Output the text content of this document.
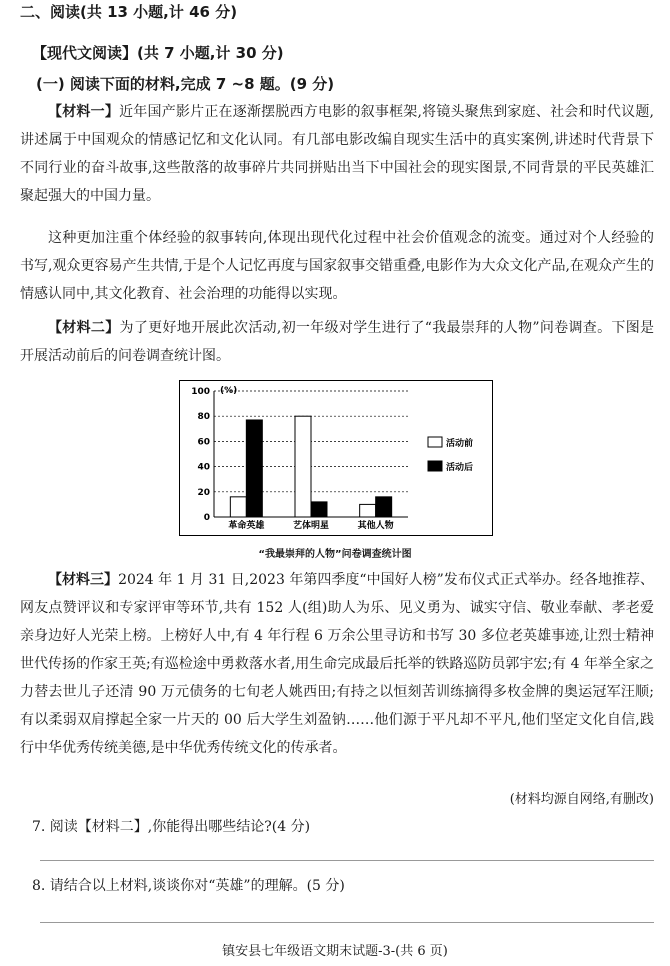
二、阅读(共 13 小题,计 46 分)
【现代文阅读】(共 7 小题,计 30 分)
(一) 阅读下面的材料,完成 7 ~8 题。(9 分)
【材料一】近年国产影片正在逐渐摆脱西方电影的叙事框架,将镜头聚焦到家庭、社会和时代议题,讲述属于中国观众的情感记忆和文化认同。有几部电影改编自现实生活中的真实案例,讲述时代背景下不同行业的奋斗故事,这些散落的故事碎片共同拼贴出当下中国社会的现实图景,不同背景的平民英雄汇聚起强大的中国力量。
这种更加注重个体经验的叙事转向,体现出现代化过程中社会价值观念的流变。通过对个人经验的书写,观众更容易产生共情,于是个人记忆再度与国家叙事交错重叠,电影作为大众文化产品,在观众产生的情感认同中,其文化教育、社会治理的功能得以实现。
【材料二】为了更好地开展此次活动,初一年级对学生进行了“我最崇拜的人物”问卷调查。下图是开展活动前后的问卷调查统计图。
(%)
0
20
40
60
80
100
革命英雄	艺体明星	其他人物
活动前
活动后
“我最崇拜的人物”问卷调查统计图
【材料三】2024 年 1 月 31 日,2023 年第四季度“中国好人榜”发布仪式正式举办。经各地推荐、网友点赞评议和专家评审等环节,共有 152 人(组)助人为乐、见义勇为、诚实守信、敬业奉献、孝老爱亲身边好人光荣上榜。上榜好人中,有 4 年行程 6 万余公里寻访和书写 30 多位老英雄事迹,让烈士精神世代传扬的作家王英;有巡检途中勇救落水者,用生命完成最后托举的铁路巡防员郭宇宏;有 4 年举全家之力替去世儿子还清 90 万元债务的七旬老人姚西田;有持之以恒刻苦训练摘得多枚金牌的奥运冠军汪顺;有以柔弱双肩撑起全家一片天的 00 后大学生刘盈钠……他们源于平凡却不平凡,他们坚定文化自信,践行中华优秀传统美德,是中华优秀传统文化的传承者。
(材料均源自网络,有删改)
7. 阅读【材料二】,你能得出哪些结论?(4 分)
8. 请结合以上材料,谈谈你对“英雄”的理解。(5 分)
镇安县七年级语文期末试题-3-(共 6 页)
